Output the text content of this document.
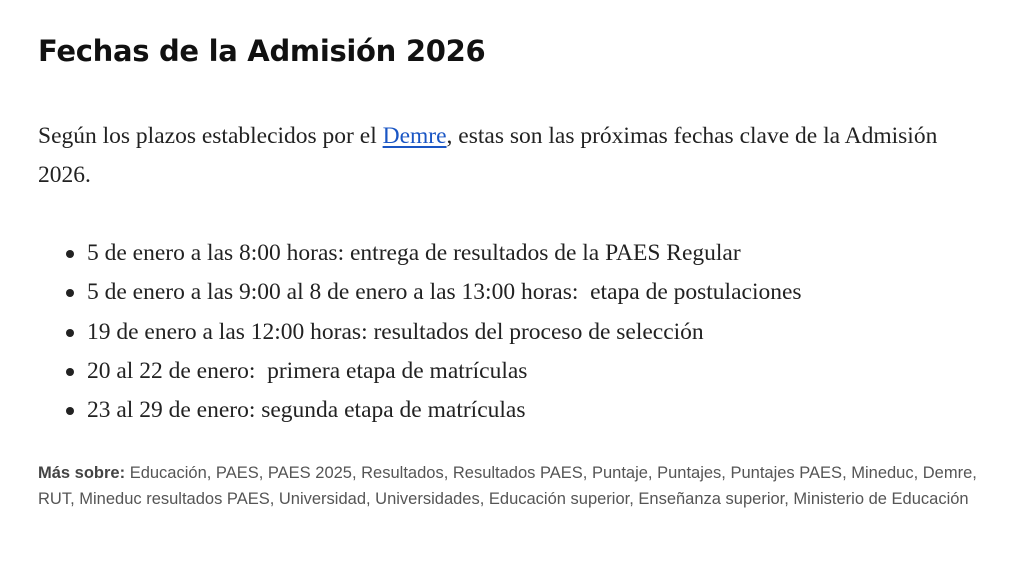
Fechas de la Admisión 2026

Según los plazos establecidos por el Demre, estas son las próximas fechas clave de la Admisión 2026.

5 de enero a las 8:00 horas: entrega de resultados de la PAES Regular
5 de enero a las 9:00 al 8 de enero a las 13:00 horas:  etapa de postulaciones
19 de enero a las 12:00 horas: resultados del proceso de selección
20 al 22 de enero:  primera etapa de matrículas
23 al 29 de enero: segunda etapa de matrículas

Más sobre: Educación, PAES, PAES 2025, Resultados, Resultados PAES, Puntaje, Puntajes, Puntajes PAES, Mineduc, Demre, RUT, Mineduc resultados PAES, Universidad, Universidades, Educación superior, Enseñanza superior, Ministerio de Educación
